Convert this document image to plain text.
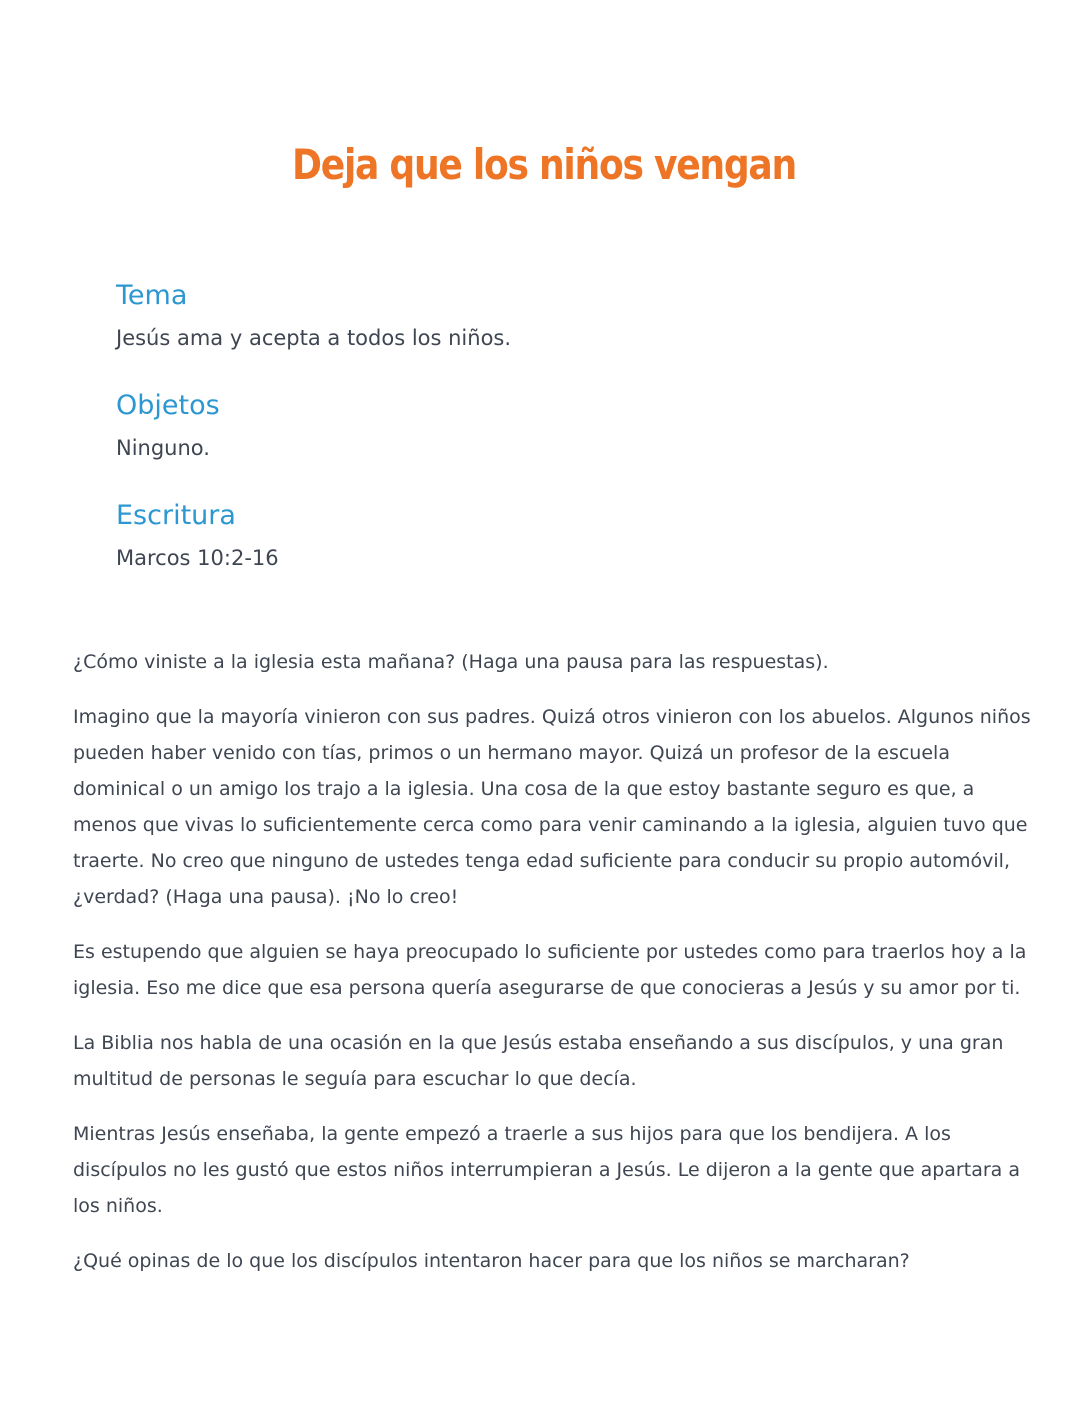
Deja que los niños vengan
Tema

Jesús ama y acepta a todos los niños.

Objetos

Ninguno.

Escritura

Marcos 10:2-16

¿Cómo viniste a la iglesia esta mañana? (Haga una pausa para las respuestas).

Imagino que la mayoría vinieron con sus padres. Quizá otros vinieron con los abuelos. Algunos niños pueden haber venido con tías, primos o un hermano mayor. Quizá un profesor de la escuela dominical o un amigo los trajo a la iglesia. Una cosa de la que estoy bastante seguro es que, a menos que vivas lo suficientemente cerca como para venir caminando a la iglesia, alguien tuvo que traerte. No creo que ninguno de ustedes tenga edad suficiente para conducir su propio automóvil, ¿verdad? (Haga una pausa). ¡No lo creo!

Es estupendo que alguien se haya preocupado lo suficiente por ustedes como para traerlos hoy a la iglesia. Eso me dice que esa persona quería asegurarse de que conocieras a Jesús y su amor por ti.

La Biblia nos habla de una ocasión en la que Jesús estaba enseñando a sus discípulos, y una gran multitud de personas le seguía para escuchar lo que decía.

Mientras Jesús enseñaba, la gente empezó a traerle a sus hijos para que los bendijera. A los discípulos no les gustó que estos niños interrumpieran a Jesús. Le dijeron a la gente que apartara a los niños.

¿Qué opinas de lo que los discípulos intentaron hacer para que los niños se marcharan?
